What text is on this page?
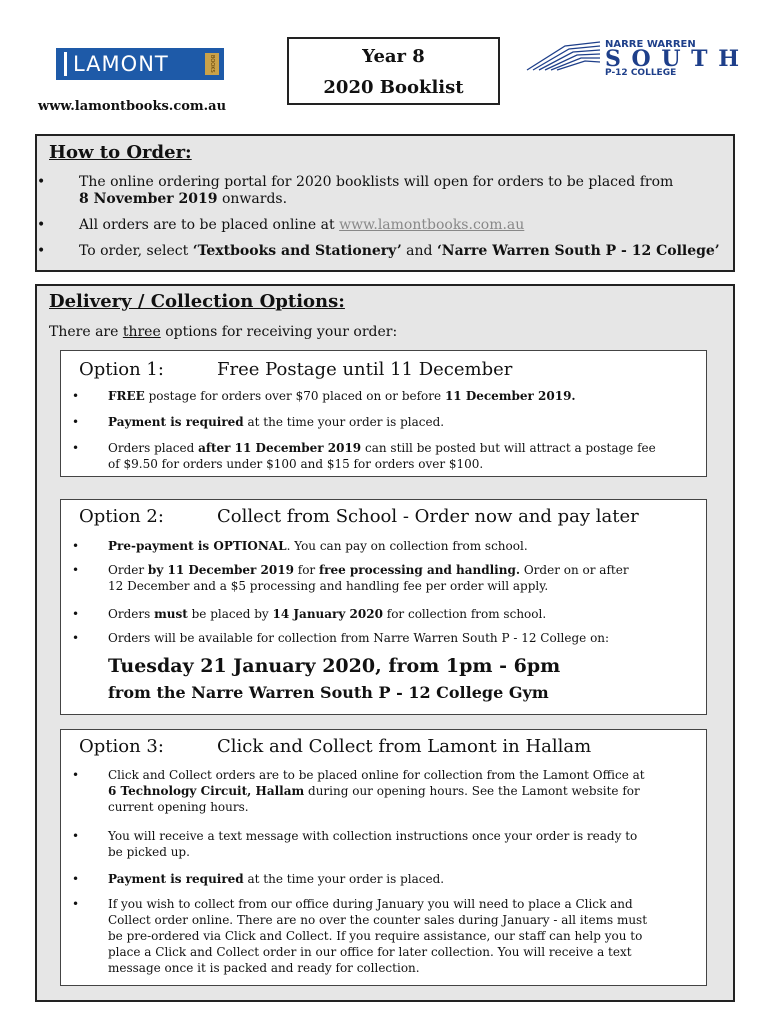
LAMONT	BOOKS
www.lamontbooks.com.au
Year 8
2020 Booklist
NARRE WARREN
SOUTH
P-12 COLLEGE
How to Order:
• The online ordering portal for 2020 booklists will open for orders to be placed from
8 November 2019 onwards.
• All orders are to be placed online at www.lamontbooks.com.au
• To order, select ‘Textbooks and Stationery’ and ‘Narre Warren South P - 12 College’
Delivery / Collection Options:
There are three options for receiving your order:
Option 1:	Free Postage until 11 December
• FREE postage for orders over $70 placed on or before 11 December 2019.
• Payment is required at the time your order is placed.
• Orders placed after 11 December 2019 can still be posted but will attract a postage fee
of $9.50 for orders under $100 and $15 for orders over $100.
Option 2:	Collect from School - Order now and pay later
• Pre-payment is OPTIONAL. You can pay on collection from school.
• Order by 11 December 2019 for free processing and handling. Order on or after
12 December and a $5 processing and handling fee per order will apply.
• Orders must be placed by 14 January 2020 for collection from school.
• Orders will be available for collection from Narre Warren South P - 12 College on:
Tuesday 21 January 2020, from 1pm - 6pm
from the Narre Warren South P - 12 College Gym
Option 3:	Click and Collect from Lamont in Hallam
• Click and Collect orders are to be placed online for collection from the Lamont Office at
6 Technology Circuit, Hallam during our opening hours. See the Lamont website for
current opening hours.
• You will receive a text message with collection instructions once your order is ready to
be picked up.
• Payment is required at the time your order is placed.
• If you wish to collect from our office during January you will need to place a Click and
Collect order online. There are no over the counter sales during January - all items must
be pre-ordered via Click and Collect. If you require assistance, our staff can help you to
place a Click and Collect order in our office for later collection. You will receive a text
message once it is packed and ready for collection.
